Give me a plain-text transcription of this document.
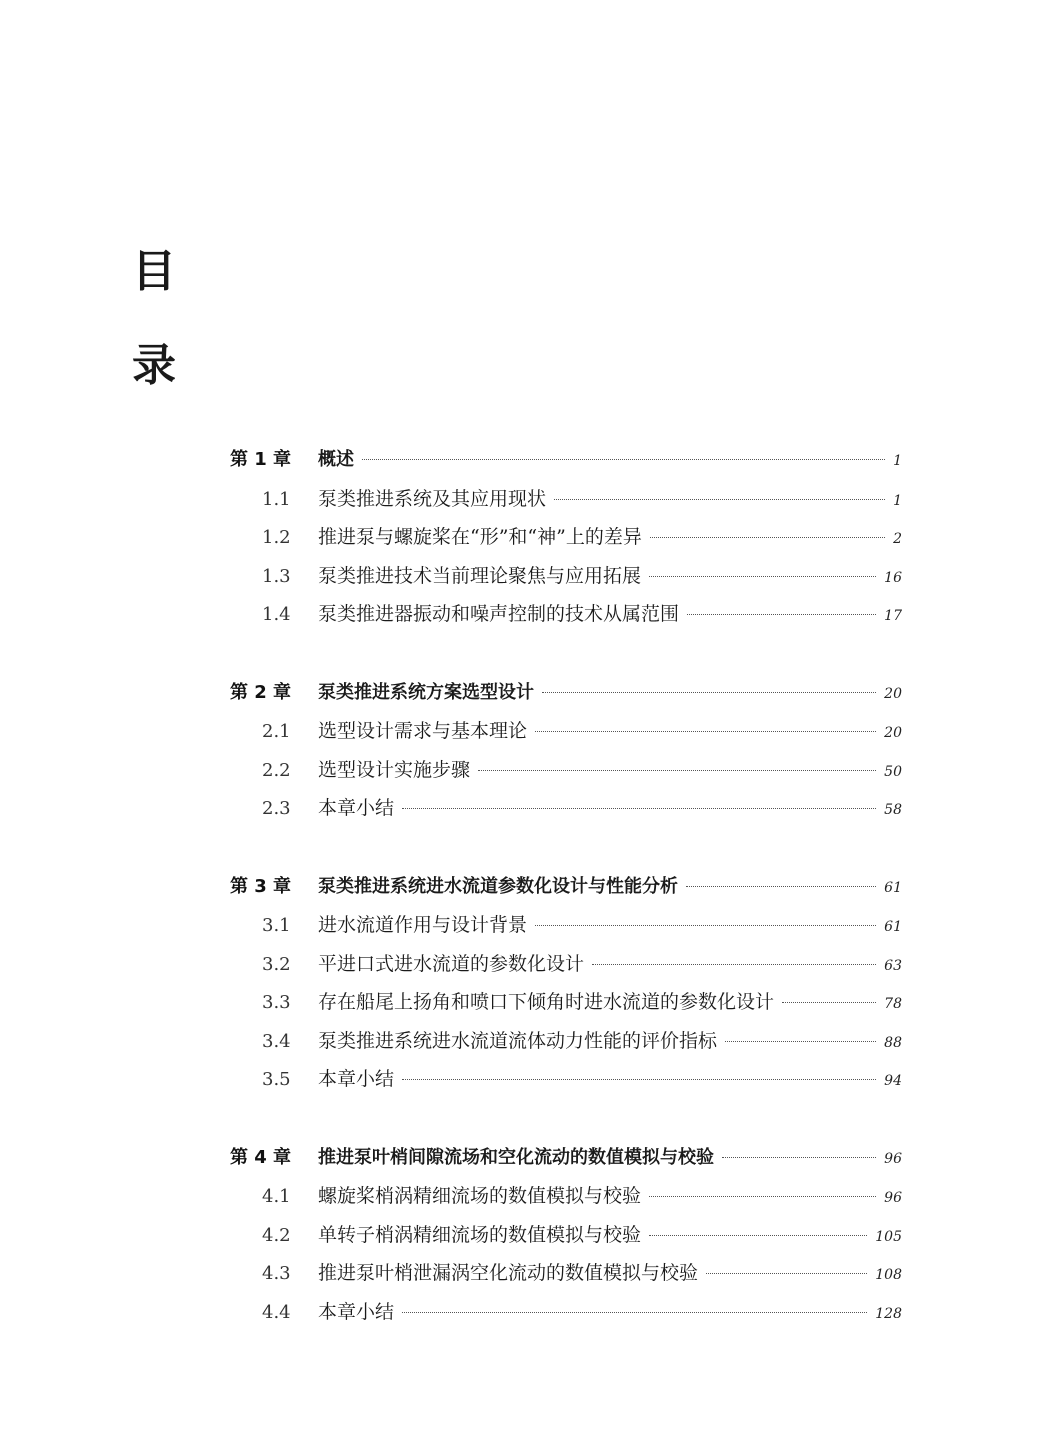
目
录
第 1 章	概述	1
1.1	泵类推进系统及其应用现状	1
1.2	推进泵与螺旋桨在“形”和“神”上的差异	2
1.3	泵类推进技术当前理论聚焦与应用拓展	16
1.4	泵类推进器振动和噪声控制的技术从属范围	17
第 2 章	泵类推进系统方案选型设计	20
2.1	选型设计需求与基本理论	20
2.2	选型设计实施步骤	50
2.3	本章小结	58
第 3 章	泵类推进系统进水流道参数化设计与性能分析	61
3.1	进水流道作用与设计背景	61
3.2	平进口式进水流道的参数化设计	63
3.3	存在船尾上扬角和喷口下倾角时进水流道的参数化设计	78
3.4	泵类推进系统进水流道流体动力性能的评价指标	88
3.5	本章小结	94
第 4 章	推进泵叶梢间隙流场和空化流动的数值模拟与校验	96
4.1	螺旋桨梢涡精细流场的数值模拟与校验	96
4.2	单转子梢涡精细流场的数值模拟与校验	105
4.3	推进泵叶梢泄漏涡空化流动的数值模拟与校验	108
4.4	本章小结	128
